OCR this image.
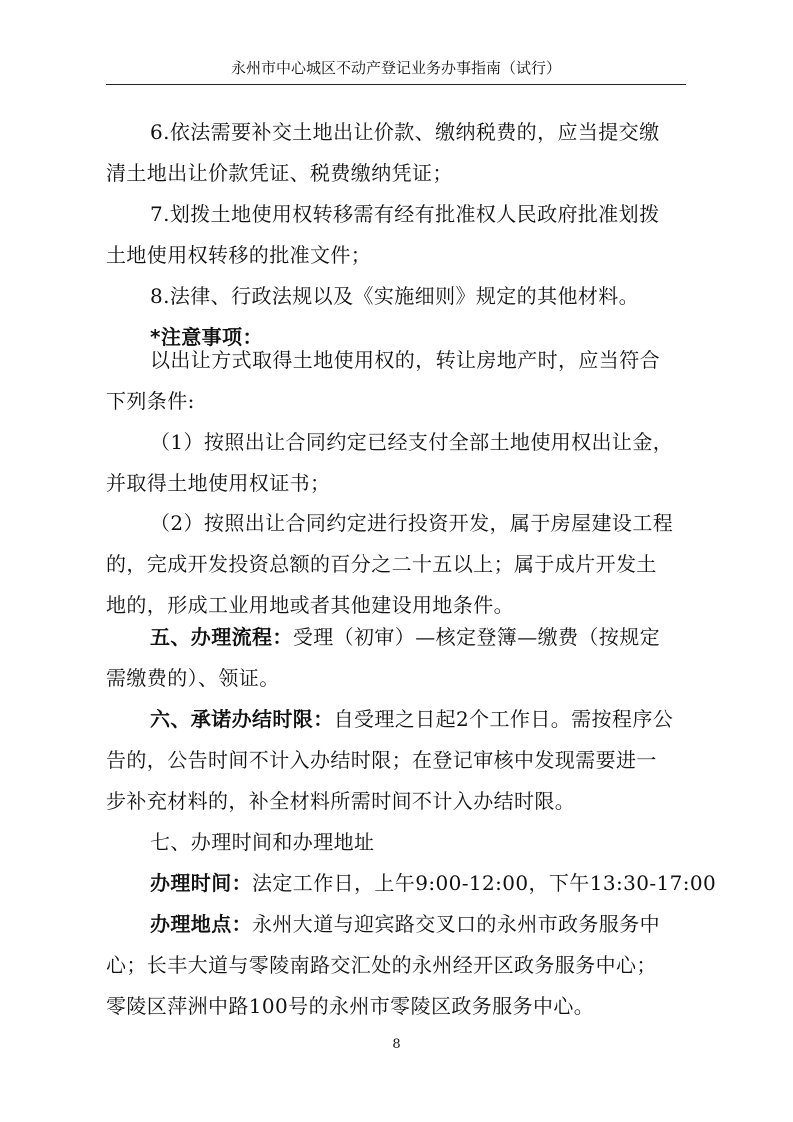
永州市中心城区不动产登记业务办事指南（试行）
6.依法需要补交土地出让价款、缴纳税费的，应当提交缴
清土地出让价款凭证、税费缴纳凭证；
7.划拨土地使用权转移需有经有批准权人民政府批准划拨
土地使用权转移的批准文件；
8.法律、行政法规以及《实施细则》规定的其他材料。
*注意事项：
以出让方式取得土地使用权的，转让房地产时，应当符合
下列条件:
（1）按照出让合同约定已经支付全部土地使用权出让金，
并取得土地使用权证书；
（2）按照出让合同约定进行投资开发，属于房屋建设工程
的，完成开发投资总额的百分之二十五以上；属于成片开发土
地的，形成工业用地或者其他建设用地条件。
五、办理流程：受理（初审）—核定登簿—缴费（按规定
需缴费的）、领证。
六、承诺办结时限：自受理之日起2个工作日。需按程序公
告的，公告时间不计入办结时限；在登记审核中发现需要进一
步补充材料的，补全材料所需时间不计入办结时限。
七、办理时间和办理地址
办理时间：法定工作日，上午9:00-12:00，下午13:30-17:00
办理地点：永州大道与迎宾路交叉口的永州市政务服务中
心；长丰大道与零陵南路交汇处的永州经开区政务服务中心；
零陵区萍洲中路100号的永州市零陵区政务服务中心。
8
